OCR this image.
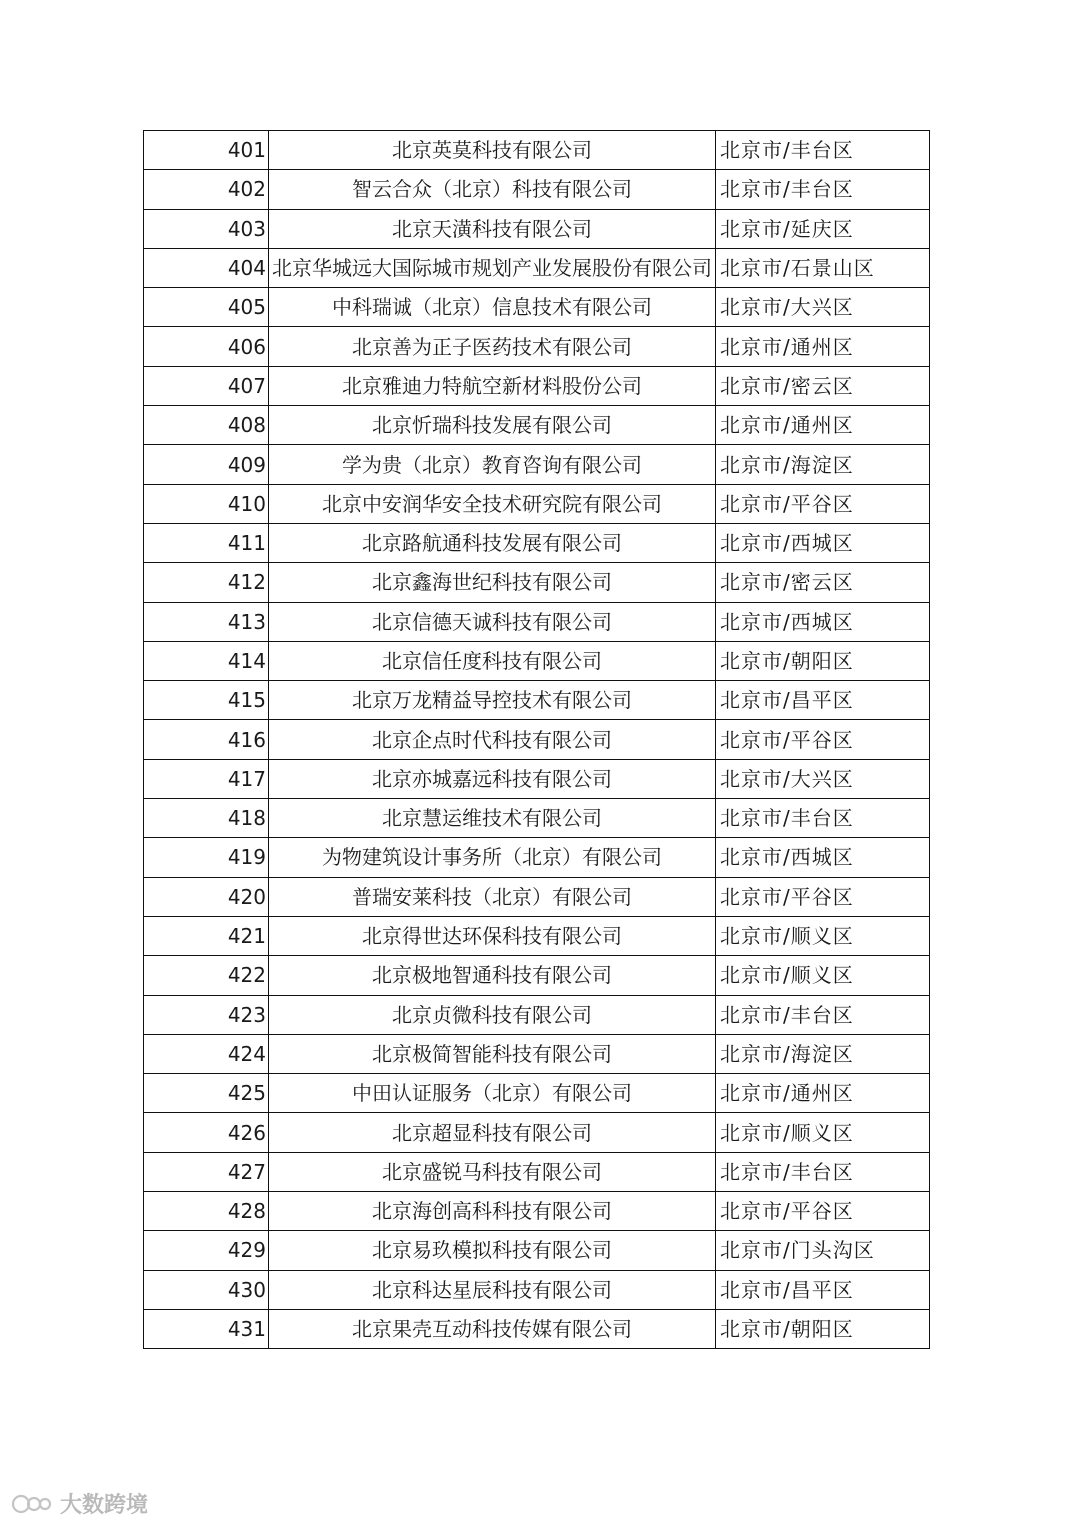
401	北京英莫科技有限公司	北京市/丰台区
402	智云合众（北京）科技有限公司	北京市/丰台区
403	北京天潢科技有限公司	北京市/延庆区
404	北京华城远大国际城市规划产业发展股份有限公司	北京市/石景山区
405	中科瑞诚（北京）信息技术有限公司	北京市/大兴区
406	北京善为正子医药技术有限公司	北京市/通州区
407	北京雅迪力特航空新材料股份公司	北京市/密云区
408	北京忻瑞科技发展有限公司	北京市/通州区
409	学为贵（北京）教育咨询有限公司	北京市/海淀区
410	北京中安润华安全技术研究院有限公司	北京市/平谷区
411	北京路航通科技发展有限公司	北京市/西城区
412	北京鑫海世纪科技有限公司	北京市/密云区
413	北京信德天诚科技有限公司	北京市/西城区
414	北京信任度科技有限公司	北京市/朝阳区
415	北京万龙精益导控技术有限公司	北京市/昌平区
416	北京企点时代科技有限公司	北京市/平谷区
417	北京亦城嘉远科技有限公司	北京市/大兴区
418	北京慧运维技术有限公司	北京市/丰台区
419	为物建筑设计事务所（北京）有限公司	北京市/西城区
420	普瑞安莱科技（北京）有限公司	北京市/平谷区
421	北京得世达环保科技有限公司	北京市/顺义区
422	北京极地智通科技有限公司	北京市/顺义区
423	北京贞微科技有限公司	北京市/丰台区
424	北京极简智能科技有限公司	北京市/海淀区
425	中田认证服务（北京）有限公司	北京市/通州区
426	北京超显科技有限公司	北京市/顺义区
427	北京盛锐马科技有限公司	北京市/丰台区
428	北京海创高科科技有限公司	北京市/平谷区
429	北京易玖模拟科技有限公司	北京市/门头沟区
430	北京科达星辰科技有限公司	北京市/昌平区
431	北京果壳互动科技传媒有限公司	北京市/朝阳区
大数跨境
